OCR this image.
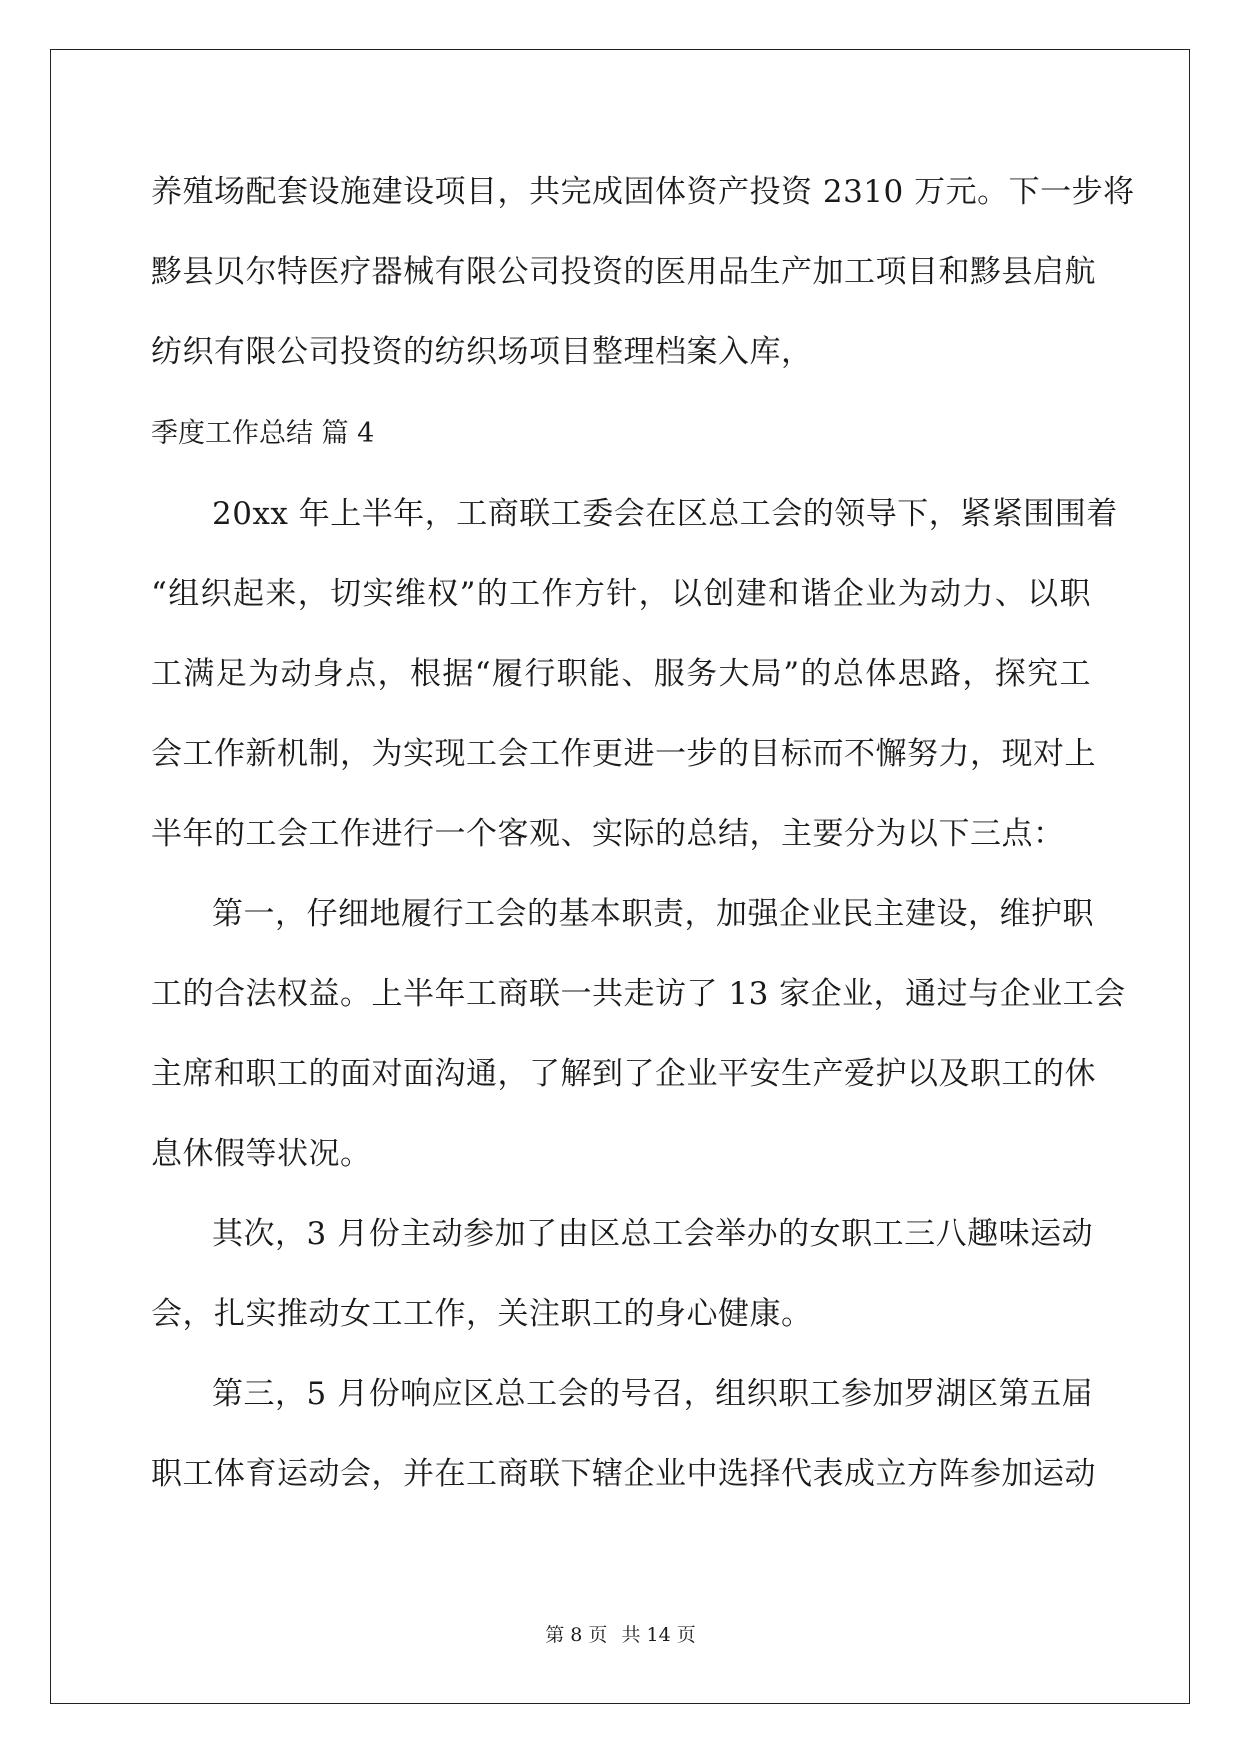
养殖场配套设施建设项目，共完成固体资产投资 2310 万元。下一步将
黟县贝尔特医疗器械有限公司投资的医用品生产加工项目和黟县启航
纺织有限公司投资的纺织场项目整理档案入库，
季度工作总结 篇 4
20xx 年上半年，工商联工委会在区总工会的领导下，紧紧围围着
“组织起来，切实维权”的工作方针，以创建和谐企业为动力、以职
工满足为动身点，根据“履行职能、服务大局”的总体思路，探究工
会工作新机制，为实现工会工作更进一步的目标而不懈努力，现对上
半年的工会工作进行一个客观、实际的总结，主要分为以下三点：
第一，仔细地履行工会的基本职责，加强企业民主建设，维护职
工的合法权益。上半年工商联一共走访了 13 家企业，通过与企业工会
主席和职工的面对面沟通，了解到了企业平安生产爱护以及职工的休
息休假等状况。
其次，3 月份主动参加了由区总工会举办的女职工三八趣味运动
会，扎实推动女工工作，关注职工的身心健康。
第三，5 月份响应区总工会的号召，组织职工参加罗湖区第五届
职工体育运动会，并在工商联下辖企业中选择代表成立方阵参加运动
第 8 页 共 14 页
